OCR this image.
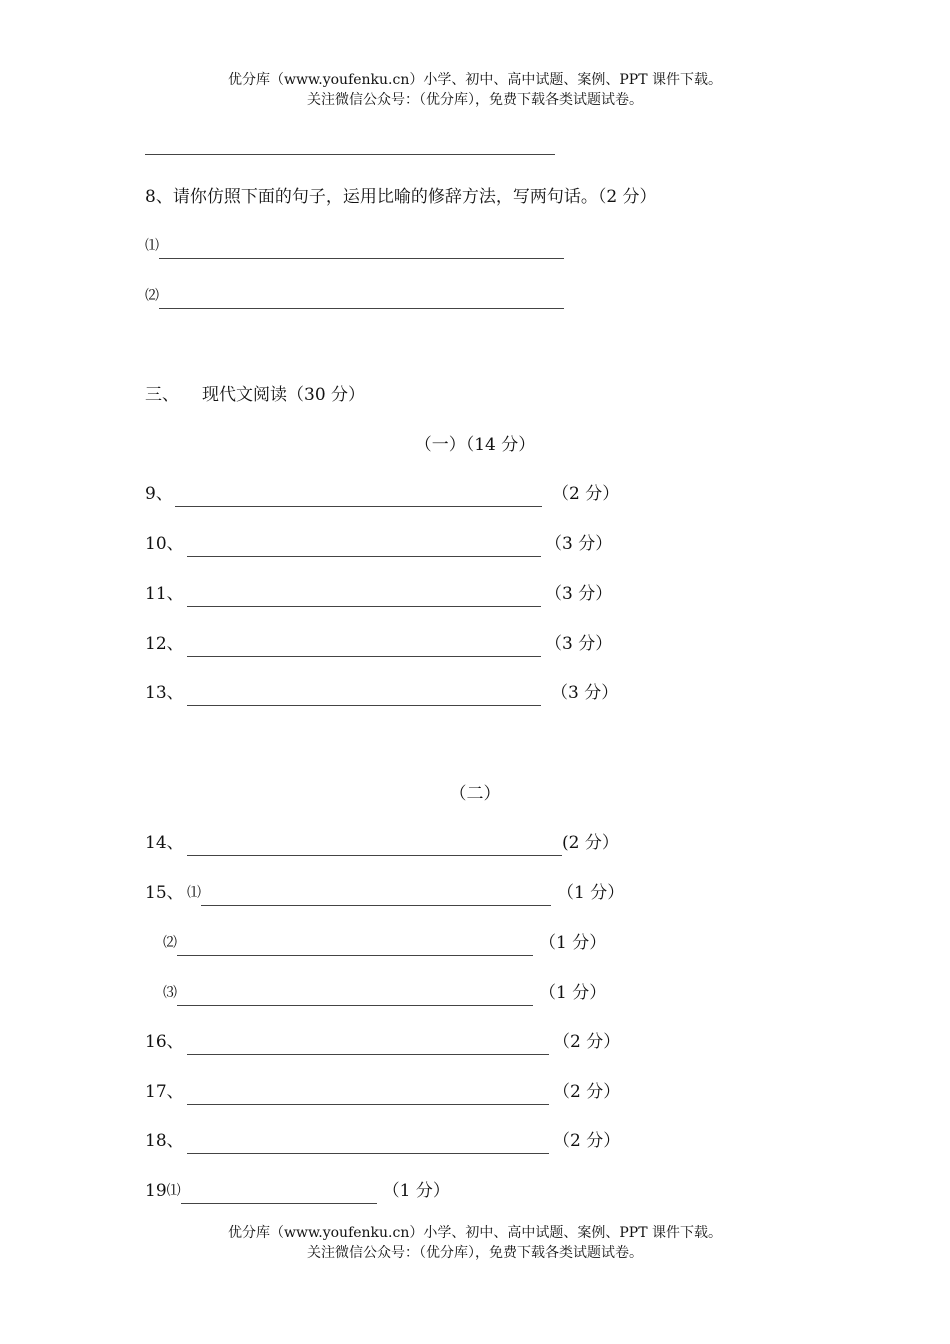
优分库（www.youfenku.cn）小学、初中、高中试题、案例、PPT 课件下载。
关注微信公众号：（优分库），免费下载各类试题试卷。
8、请你仿照下面的句子，运用比喻的修辞方法，写两句话。（2 分）
⑴
⑵
三、 现代文阅读（30 分）
（一）（14 分）
9、	（2 分）
10、	（3 分）
11、	（3 分）
12、	（3 分）
13、	（3 分）
（二）
14、	(2 分）
15、 ⑴	（1 分）
⑵	（1 分）
⑶	（1 分）
16、	（2 分）
17、	（2 分）
18、	（2 分）
19⑴	（1 分）
优分库（www.youfenku.cn）小学、初中、高中试题、案例、PPT 课件下载。
关注微信公众号：（优分库），免费下载各类试题试卷。
